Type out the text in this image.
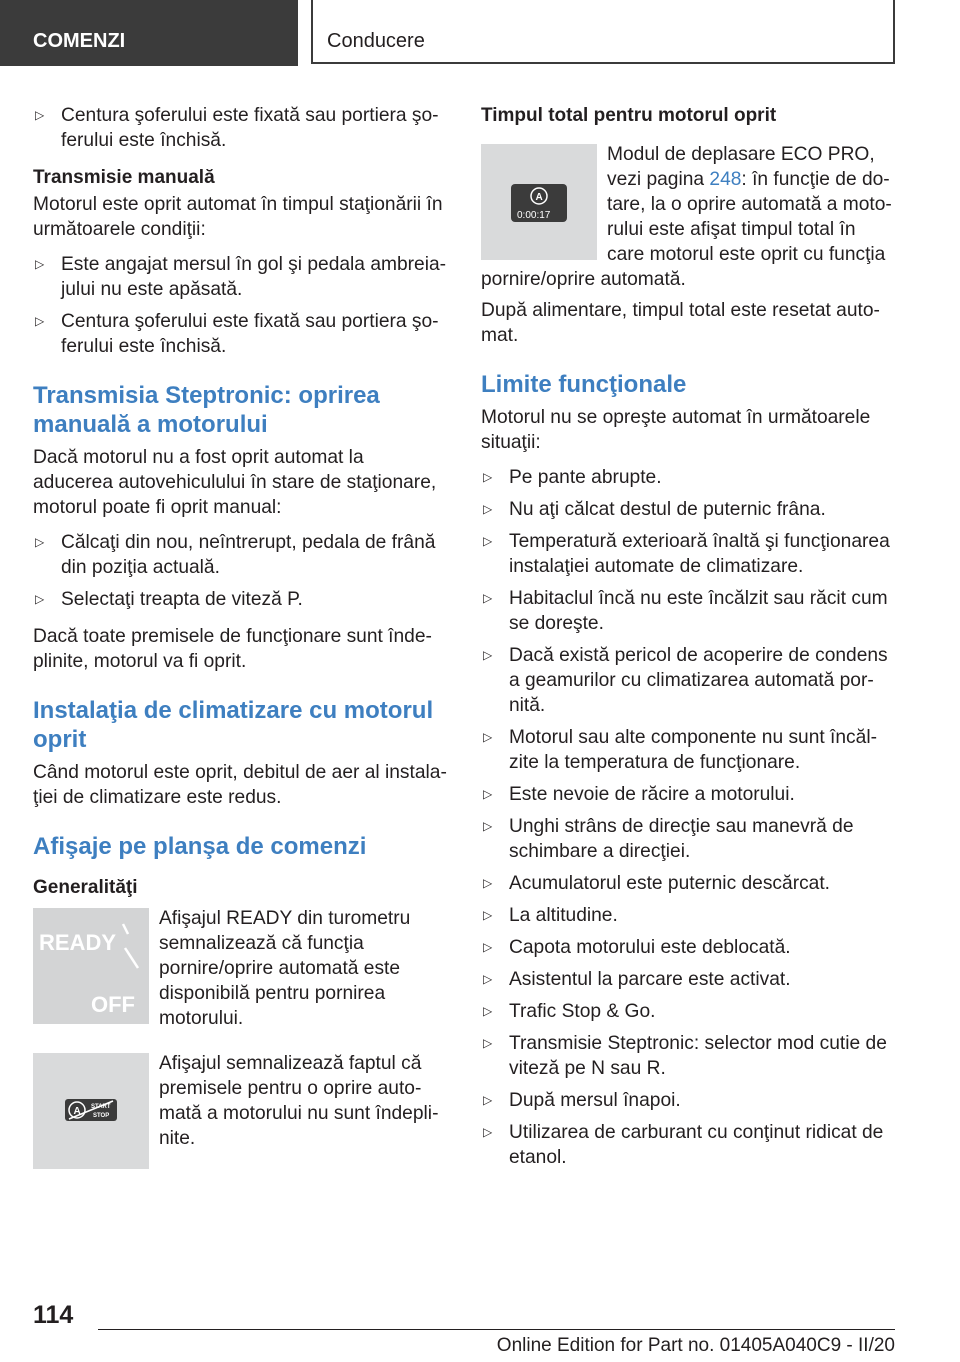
COMENZI	Conducere
▷ Centura şoferului este fixată sau portiera şoferului este închisă.

Transmisie manuală

Motorul este oprit automat în timpul staţionării în următoarele condiţii:

▷ Este angajat mersul în gol şi pedala ambreiajului nu este apăsată.
▷ Centura şoferului este fixată sau portiera şoferului este închisă.
Transmisia Steptronic: oprirea manuală a motorului

Dacă motorul nu a fost oprit automat la aducerea autovehiculului în stare de staţionare, motorul poate fi oprit manual:

▷ Călcaţi din nou, neîntrerupt, pedala de frână din poziţia actuală.
▷ Selectaţi treapta de viteză P.

Dacă toate premisele de funcţionare sunt îndeplinite, motorul va fi oprit.

Instalaţia de climatizare cu motorul oprit

Când motorul este oprit, debitul de aer al instalaţiei de climatizare este redus.

Afişaje pe planşa de comenzi

Generalităţi

READY
OFF

Afişajul READY din turometru semnalizează că funcţia pornire/oprire automată este disponibilă pentru pornirea motorului.

A START
STOP

Afişajul semnalizează faptul că premisele pentru o oprire automată a motorului nu sunt îndeplinite.

Timpul total pentru motorul oprit

A
0:00:17

Modul de deplasare ECO PRO, vezi pagina 248: în funcţie de dotare, la o oprire automată a motorului este afişat timpul total în care motorul este oprit cu funcţia pornire/oprire automată.

După alimentare, timpul total este resetat automat.

Limite funcţionale

Motorul nu se opreşte automat în următoarele situaţii:

▷ Pe pante abrupte.
▷ Nu aţi călcat destul de puternic frâna.
▷ Temperatură exterioară înaltă şi funcţionarea instalaţiei automate de climatizare.
▷ Habitaclul încă nu este încălzit sau răcit cum se doreşte.
▷ Dacă există pericol de acoperire de condens a geamurilor cu climatizarea automată pornită.
▷ Motorul sau alte componente nu sunt încălzite la temperatura de funcţionare.
▷ Este nevoie de răcire a motorului.
▷ Unghi strâns de direcţie sau manevră de schimbare a direcţiei.
▷ Acumulatorul este puternic descărcat.
▷ La altitudine.
▷ Capota motorului este deblocată.
▷ Asistentul la parcare este activat.
▷ Trafic Stop & Go.
▷ Transmisie Steptronic: selector mod cutie de viteză pe N sau R.
▷ După mersul înapoi.
▷ Utilizarea de carburant cu conţinut ridicat de etanol.
114
Online Edition for Part no. 01405A040C9 - II/20
